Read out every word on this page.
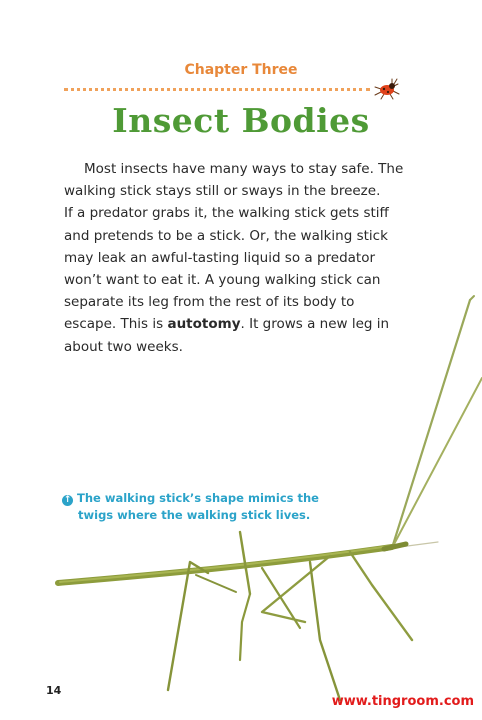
Chapter Three
Insect Bodies
Most insects have many ways to stay safe. The
walking stick stays still or sways in the breeze.
If a predator grabs it, the walking stick gets stiff
and pretends to be a stick. Or, the walking stick
may leak an awful-tasting liquid so a predator
won’t want to eat it. A young walking stick can
separate its leg from the rest of its body to
escape. This is autotomy. It grows a new leg in
about two weeks.
↑ The walking stick’s shape mimics the
twigs where the walking stick lives.
14
www.tingroom.com
